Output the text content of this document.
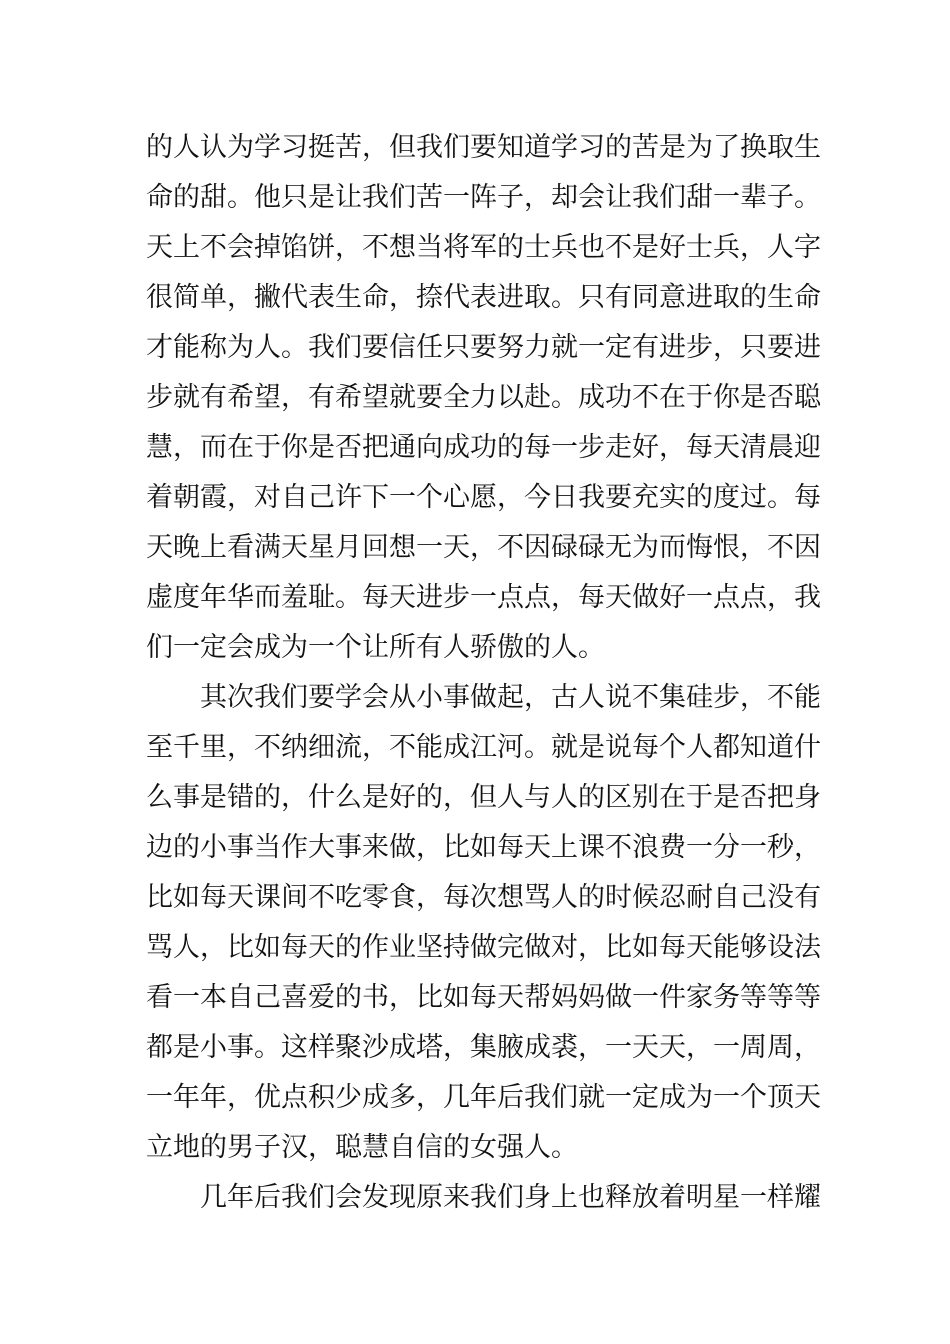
的人认为学习挺苦，但我们要知道学习的苦是为了换取生
命的甜。他只是让我们苦一阵子，却会让我们甜一辈子。
天上不会掉馅饼，不想当将军的士兵也不是好士兵，人字
很简单，撇代表生命，捺代表进取。只有同意进取的生命
才能称为人。我们要信任只要努力就一定有进步，只要进
步就有希望，有希望就要全力以赴。成功不在于你是否聪
慧，而在于你是否把通向成功的每一步走好，每天清晨迎
着朝霞，对自己许下一个心愿，今日我要充实的度过。每
天晚上看满天星月回想一天，不因碌碌无为而悔恨，不因
虚度年华而羞耻。每天进步一点点，每天做好一点点，我
们一定会成为一个让所有人骄傲的人。
其次我们要学会从小事做起，古人说不集硅步，不能
至千里，不纳细流，不能成江河。就是说每个人都知道什
么事是错的，什么是好的，但人与人的区别在于是否把身
边的小事当作大事来做，比如每天上课不浪费一分一秒，
比如每天课间不吃零食，每次想骂人的时候忍耐自己没有
骂人，比如每天的作业坚持做完做对，比如每天能够设法
看一本自己喜爱的书，比如每天帮妈妈做一件家务等等等
都是小事。这样聚沙成塔，集腋成裘，一天天，一周周，
一年年，优点积少成多，几年后我们就一定成为一个顶天
立地的男子汉，聪慧自信的女强人。
几年后我们会发现原来我们身上也释放着明星一样耀
